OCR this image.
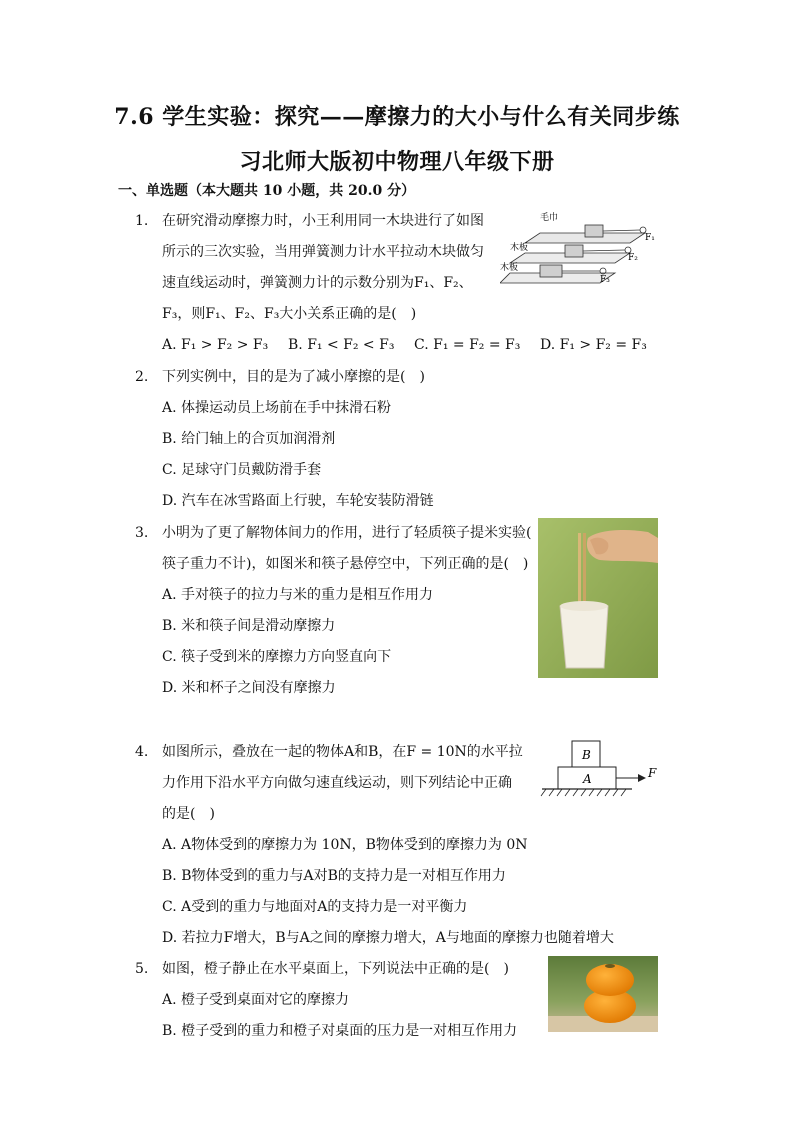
7.6 学生实验：探究——摩擦力的大小与什么有关同步练
习北师大版初中物理八年级下册
一、单选题（本大题共 10 小题，共 20.0 分）
1. 在研究滑动摩擦力时，小王利用同一木块进行了如图
所示的三次实验，当用弹簧测力计水平拉动木块做匀
速直线运动时，弹簧测力计的示数分别为F₁、F₂、
F₃，则F₁、F₂、F₃大小关系正确的是(　)
A. F₁ > F₂ > F₃ B. F₁ < F₂ < F₃ C. F₁ = F₂ = F₃ D. F₁ > F₂ = F₃
毛巾
木板
木板
F₁
F₂
F₃
2. 下列实例中，目的是为了减小摩擦的是(　)
A. 体操运动员上场前在手中抹滑石粉
B. 给门轴上的合页加润滑剂
C. 足球守门员戴防滑手套
D. 汽车在冰雪路面上行驶，车轮安装防滑链
3. 小明为了更了解物体间力的作用，进行了轻质筷子提米实验(
筷子重力不计)，如图米和筷子悬停空中，下列正确的是(　)
A. 手对筷子的拉力与米的重力是相互作用力
B. 米和筷子间是滑动摩擦力
C. 筷子受到米的摩擦力方向竖直向下
D. 米和杯子之间没有摩擦力
4. 如图所示，叠放在一起的物体A和B，在F = 10N的水平拉
力作用下沿水平方向做匀速直线运动，则下列结论中正确
的是(　)
A. A物体受到的摩擦力为 10N，B物体受到的摩擦力为 0N
B. B物体受到的重力与A对B的支持力是一对相互作用力
C. A受到的重力与地面对A的支持力是一对平衡力
D. 若拉力F增大，B与A之间的摩擦力增大，A与地面的摩擦力也随着增大
B
A	F
5. 如图，橙子静止在水平桌面上，下列说法中正确的是(　)
A. 橙子受到桌面对它的摩擦力
B. 橙子受到的重力和橙子对桌面的压力是一对相互作用力
